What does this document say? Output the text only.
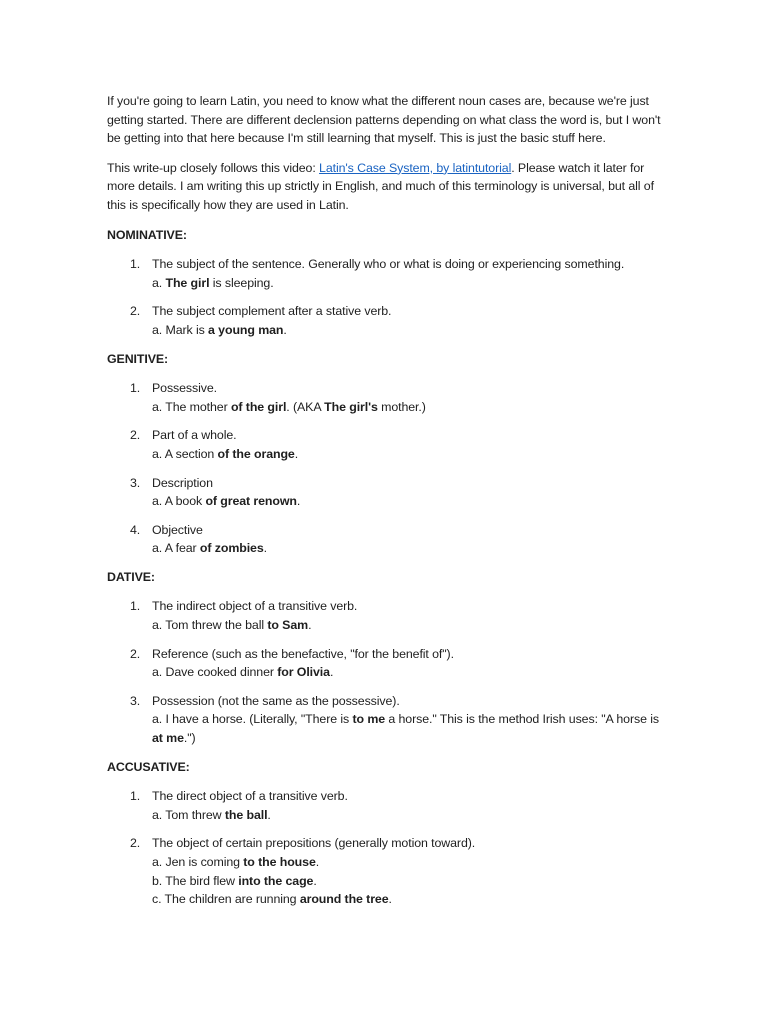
If you're going to learn Latin, you need to know what the different noun cases are, because we're just getting started. There are different declension patterns depending on what class the word is, but I won't be getting into that here because I'm still learning that myself. This is just the basic stuff here.

This write-up closely follows this video: Latin's Case System, by latintutorial. Please watch it later for more details. I am writing this up strictly in English, and much of this terminology is universal, but all of this is specifically how they are used in Latin.

NOMINATIVE:

1. The subject of the sentence. Generally who or what is doing or experiencing something.
a. The girl is sleeping.
2. The subject complement after a stative verb.
a. Mark is a young man.

GENITIVE:

1. Possessive.
a. The mother of the girl. (AKA The girl's mother.)
2. Part of a whole.
a. A section of the orange.
3. Description
a. A book of great renown.
4. Objective
a. A fear of zombies.

DATIVE:

1. The indirect object of a transitive verb.
a. Tom threw the ball to Sam.
2. Reference (such as the benefactive, "for the benefit of").
a. Dave cooked dinner for Olivia.
3. Possession (not the same as the possessive).
a. I have a horse. (Literally, "There is to me a horse." This is the method Irish uses: "A horse is at me.")

ACCUSATIVE:

1. The direct object of a transitive verb.
a. Tom threw the ball.
2. The object of certain prepositions (generally motion toward).
a. Jen is coming to the house.
b. The bird flew into the cage.
c. The children are running around the tree.
